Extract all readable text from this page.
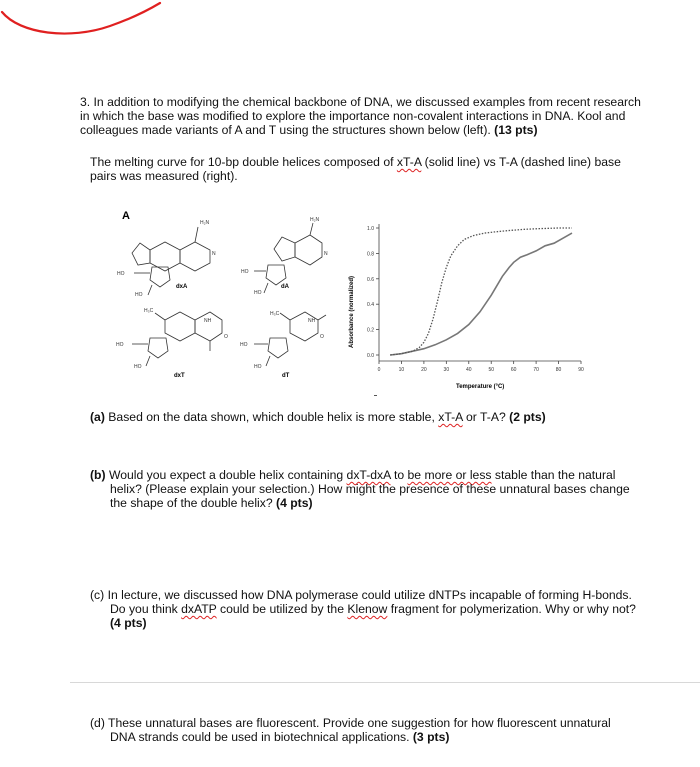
3. In addition to modifying the chemical backbone of DNA, we discussed examples from recent research
in which the base was modified to explore the importance non-covalent interactions in DNA. Kool and
colleagues made variants of A and T using the structures shown below (left). (13 pts)
The melting curve for 10-bp double helices composed of xT-A (solid line) vs T-A (dashed line) base
pairs was measured (right).
A
H₂N
HO
HO
N
dxA
H₂N
HO
HO
N
dA
H₃C
NH
O
HO
HO
dxT
H₃C
NH
O
HO
HO
dT
0.0
0.2
0.4
0.6
0.8
1.0
0	10	20	30	40	50	60	70	80	90
Absorbance (normalized)
Temperature (°C)
(a) Based on the data shown, which double helix is more stable, xT-A or T-A? (2 pts)
(b) Would you expect a double helix containing dxT-dxA to be more or less stable than the natural
helix? (Please explain your selection.) How might the presence of these unnatural bases change
the shape of the double helix? (4 pts)
(c) In lecture, we discussed how DNA polymerase could utilize dNTPs incapable of forming H-bonds.
Do you think dxATP could be utilized by the Klenow fragment for polymerization. Why or why not?
(4 pts)
(d) These unnatural bases are fluorescent. Provide one suggestion for how fluorescent unnatural
DNA strands could be used in biotechnical applications. (3 pts)
